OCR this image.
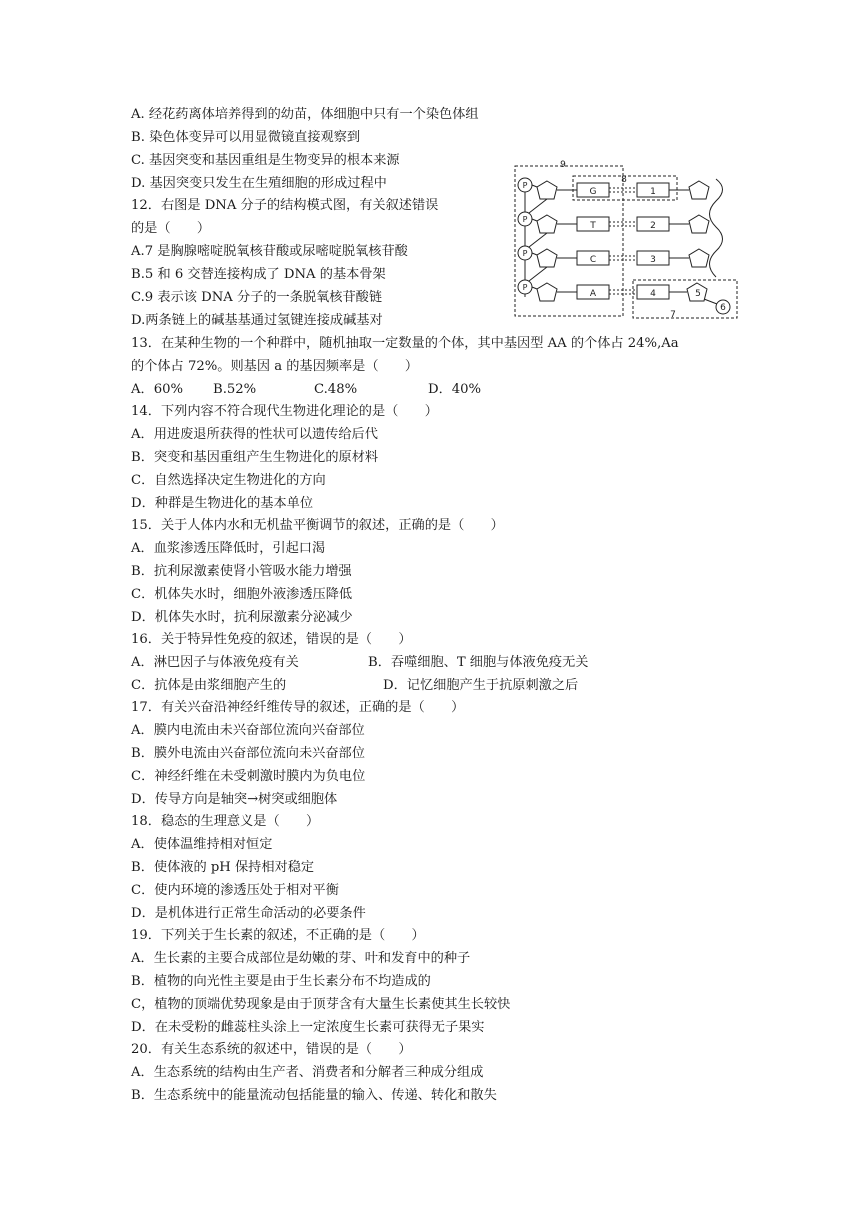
A. 经花药离体培养得到的幼苗，体细胞中只有一个染色体组
B. 染色体变异可以用显微镜直接观察到
C. 基因突变和基因重组是生物变异的根本来源
D. 基因突变只发生在生殖细胞的形成过程中
12．右图是 DNA 分子的结构模式图，有关叙述错误
的是（　　）
A.7 是胸腺嘧啶脱氧核苷酸或尿嘧啶脱氧核苷酸
B.5 和 6 交替连接构成了 DNA 的基本骨架
C.9 表示该 DNA 分子的一条脱氧核苷酸链
D.两条链上的碱基基通过氢键连接成碱基对
P
P
P
P
G
T
C
A
1
2
3
4	5
6
7
8
9
13．在某种生物的一个种群中，随机抽取一定数量的个体，其中基因型 AA 的个体占 24%,Aa
的个体占 72%。则基因 a 的基因频率是（　　）
A．60% B.52%	C.48%	D．40%
14．下列内容不符合现代生物进化理论的是（　　）
A．用进废退所获得的性状可以遗传给后代
B．突变和基因重组产生生物进化的原材料
C．自然选择决定生物进化的方向
D．种群是生物进化的基本单位
15．关于人体内水和无机盐平衡调节的叙述，正确的是（　　）
A．血浆渗透压降低时，引起口渴
B．抗利尿激素使肾小管吸水能力增强
C．机体失水时，细胞外液渗透压降低
D．机体失水时，抗利尿激素分泌减少
16．关于特异性免疫的叙述，错误的是（　　）
A．淋巴因子与体液免疫有关	B．吞噬细胞、T 细胞与体液免疫无关
C．抗体是由浆细胞产生的	D．记忆细胞产生于抗原刺激之后
17．有关兴奋沿神经纤维传导的叙述，正确的是（　　）
A．膜内电流由未兴奋部位流向兴奋部位
B．膜外电流由兴奋部位流向未兴奋部位
C．神经纤维在未受刺激时膜内为负电位
D．传导方向是轴突→树突或细胞体
18．稳态的生理意义是（　　）
A．使体温维持相对恒定
B．使体液的 pH 保持相对稳定
C．使内环境的渗透压处于相对平衡
D．是机体进行正常生命活动的必要条件
19．下列关于生长素的叙述，不正确的是（　　）
A．生长素的主要合成部位是幼嫩的芽、叶和发育中的种子
B．植物的向光性主要是由于生长素分布不均造成的
C，植物的顶端优势现象是由于顶芽含有大量生长素使其生长较快
D．在未受粉的雌蕊柱头涂上一定浓度生长素可获得无子果实
20．有关生态系统的叙述中，错误的是（　　）
A．生态系统的结构由生产者、消费者和分解者三种成分组成
B．生态系统中的能量流动包括能量的输入、传递、转化和散失
